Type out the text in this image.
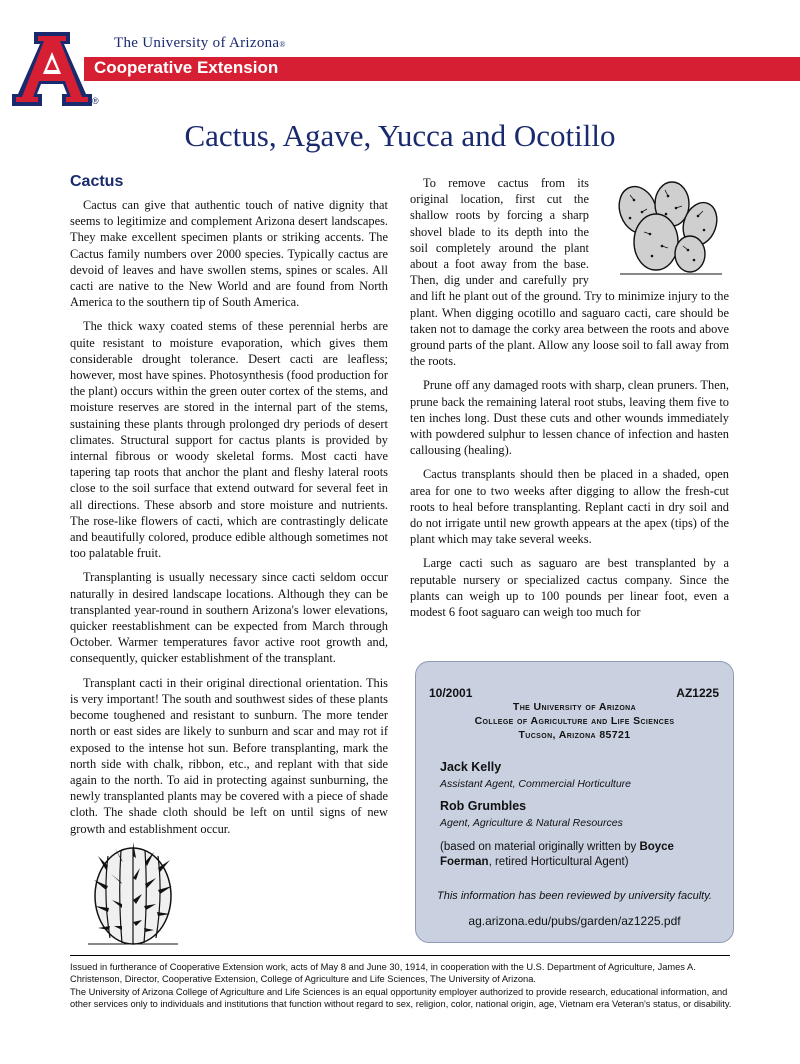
The University of Arizona®
Cooperative Extension
®
Cactus, Agave, Yucca and Ocotillo
Cactus

Cactus can give that authentic touch of native dignity that seems to legitimize and complement Arizona desert landscapes. They make excellent specimen plants or striking accents. The Cactus family numbers over 2000 species. Typically cactus are devoid of leaves and have swollen stems, spines or scales. All cacti are native to the New World and are found from North America to the southern tip of South America.

The thick waxy coated stems of these perennial herbs are quite resistant to moisture evaporation, which gives them considerable drought tolerance. Desert cacti are leafless; however, most have spines. Photosynthesis (food production for the plant) occurs within the green outer cortex of the stems, and moisture reserves are stored in the internal part of the stems, sustaining these plants through prolonged dry periods of desert climates. Structural support for cactus plants is provided by internal fibrous or woody skeletal forms. Most cacti have tapering tap roots that anchor the plant and fleshy lateral roots close to the soil surface that extend outward for several feet in all directions. These absorb and store moisture and nutrients. The rose-like flowers of cacti, which are contrastingly delicate and beautifully colored, produce edible although sometimes not too palatable fruit.

Transplanting is usually necessary since cacti seldom occur naturally in desired landscape locations. Although they can be transplanted year-round in southern Arizona's lower elevations, quicker reestablishment can be expected from March through October. Warmer temperatures favor active root growth and, consequently, quicker establishment of the transplant.

Transplant cacti in their original directional orientation. This is very important! The south and southwest sides of these plants become toughened and resistant to sunburn. The more tender north or east sides are likely to sunburn and scar and may rot if exposed to the intense hot sun. Before transplanting, mark the north side with chalk, ribbon, etc., and replant with that side again to the north. To aid in protecting against sunburning, the newly transplanted plants may be covered with a piece of shade cloth. The shade cloth should be left on until signs of new growth and establishment occur.

To remove cactus from its original location, first cut the shallow roots by forcing a sharp shovel blade to its depth into the soil completely around the plant about a foot away from the base. Then, dig under and carefully pry and lift he plant out of the ground. Try to minimize injury to the plant. When digging ocotillo and saguaro cacti, care should be taken not to damage the corky area between the roots and above ground parts of the plant. Allow any loose soil to fall away from the roots.

Prune off any damaged roots with sharp, clean pruners. Then, prune back the remaining lateral root stubs, leaving them five to ten inches long. Dust these cuts and other wounds immediately with powdered sulphur to lessen chance of infection and hasten callousing (healing).

Cactus transplants should then be placed in a shaded, open area for one to two weeks after digging to allow the fresh-cut roots to heal before transplanting. Replant cacti in dry soil and do not irrigate until new growth appears at the apex (tips) of the plant which may take several weeks.

Large cacti such as saguaro are best transplanted by a reputable nursery or specialized cactus company. Since the plants can weigh up to 100 pounds per linear foot, even a modest 6 foot saguaro can weigh too much for

10/2001	AZ1225
The University of Arizona
College of Agriculture and Life Sciences
Tucson, Arizona 85721
Jack Kelly
Assistant Agent, Commercial Horticulture
Rob Grumbles
Agent, Agriculture & Natural Resources
(based on material originally written by Boyce Foerman, retired Horticultural Agent)
This information has been reviewed by university faculty.
ag.arizona.edu/pubs/garden/az1225.pdf

Issued in furtherance of Cooperative Extension work, acts of May 8 and June 30, 1914, in cooperation with the U.S. Department of Agriculture, James A. Christenson, Director, Cooperative Extension, College of Agriculture and Life Sciences, The University of Arizona.

The University of Arizona College of Agriculture and Life Sciences is an equal opportunity employer authorized to provide research, educational information, and other services only to individuals and institutions that function without regard to sex, religion, color, national origin, age, Vietnam era Veteran's status, or disability.
